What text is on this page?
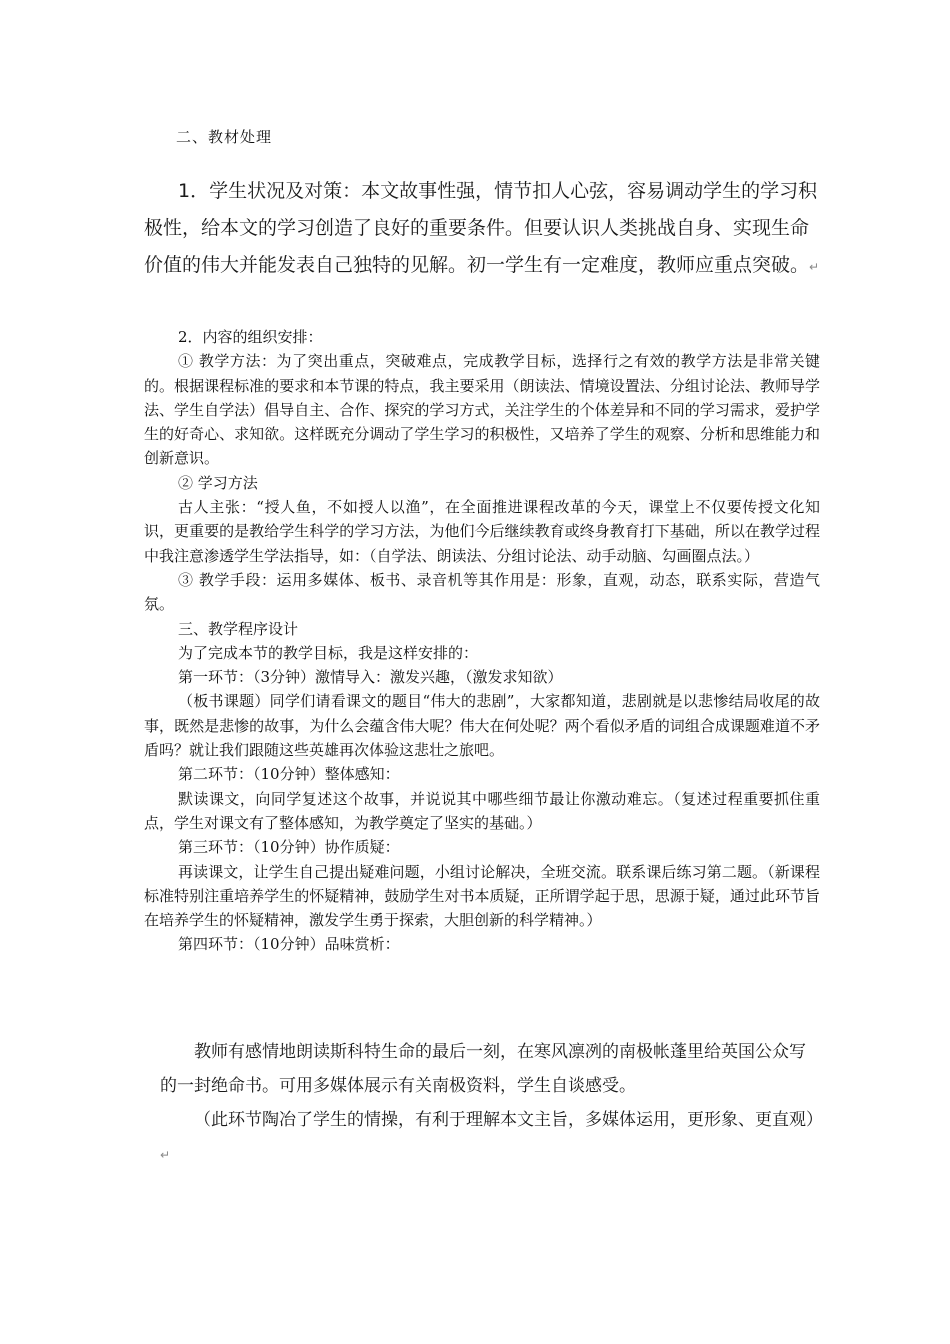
二、教材处理

1．学生状况及对策：本文故事性强，情节扣人心弦，容易调动学生的学习积极性，给本文的学习创造了良好的重要条件。但要认识人类挑战自身、实现生命价值的伟大并能发表自己独特的见解。初一学生有一定难度，教师应重点突破。↵

2．内容的组织安排：

① 教学方法：为了突出重点，突破难点，完成教学目标，选择行之有效的教学方法是非常关键的。根据课程标准的要求和本节课的特点，我主要采用（朗读法、情境设置法、分组讨论法、教师导学法、学生自学法）倡导自主、合作、探究的学习方式，关注学生的个体差异和不同的学习需求，爱护学生的好奇心、求知欲。这样既充分调动了学生学习的积极性，又培养了学生的观察、分析和思维能力和创新意识。

② 学习方法

古人主张：“授人鱼，不如授人以渔”，在全面推进课程改革的今天，课堂上不仅要传授文化知识，更重要的是教给学生科学的学习方法，为他们今后继续教育或终身教育打下基础，所以在教学过程中我注意渗透学生学法指导，如：（自学法、朗读法、分组讨论法、动手动脑、勾画圈点法。）

③ 教学手段：运用多媒体、板书、录音机等其作用是：形象，直观，动态，联系实际，营造气氛。

三、教学程序设计

为了完成本节的教学目标，我是这样安排的：

第一环节：（3分钟）激情导入：激发兴趣，（激发求知欲）

（板书课题）同学们请看课文的题目“伟大的悲剧”，大家都知道，悲剧就是以悲惨结局收尾的故事，既然是悲惨的故事，为什么会蕴含伟大呢？伟大在何处呢？两个看似矛盾的词组合成课题难道不矛盾吗？就让我们跟随这些英雄再次体验这悲壮之旅吧。

第二环节：（10分钟）整体感知：

默读课文，向同学复述这个故事，并说说其中哪些细节最让你激动难忘。（复述过程重要抓住重点，学生对课文有了整体感知，为教学奠定了坚实的基础。）

第三环节：（10分钟）协作质疑：

再读课文，让学生自己提出疑难问题，小组讨论解决，全班交流。联系课后练习第二题。（新课程标准特别注重培养学生的怀疑精神，鼓励学生对书本质疑，正所谓学起于思，思源于疑，通过此环节旨在培养学生的怀疑精神，激发学生勇于探索，大胆创新的科学精神。）

第四环节：（10分钟）品味赏析：

教师有感情地朗读斯科特生命的最后一刻，在寒风凛冽的南极帐蓬里给英国公众写的一封绝命书。可用多媒体展示有关南极资料，学生自谈感受。

（此环节陶冶了学生的情操，有利于理解本文主旨，多媒体运用，更形象、更直观）↵
